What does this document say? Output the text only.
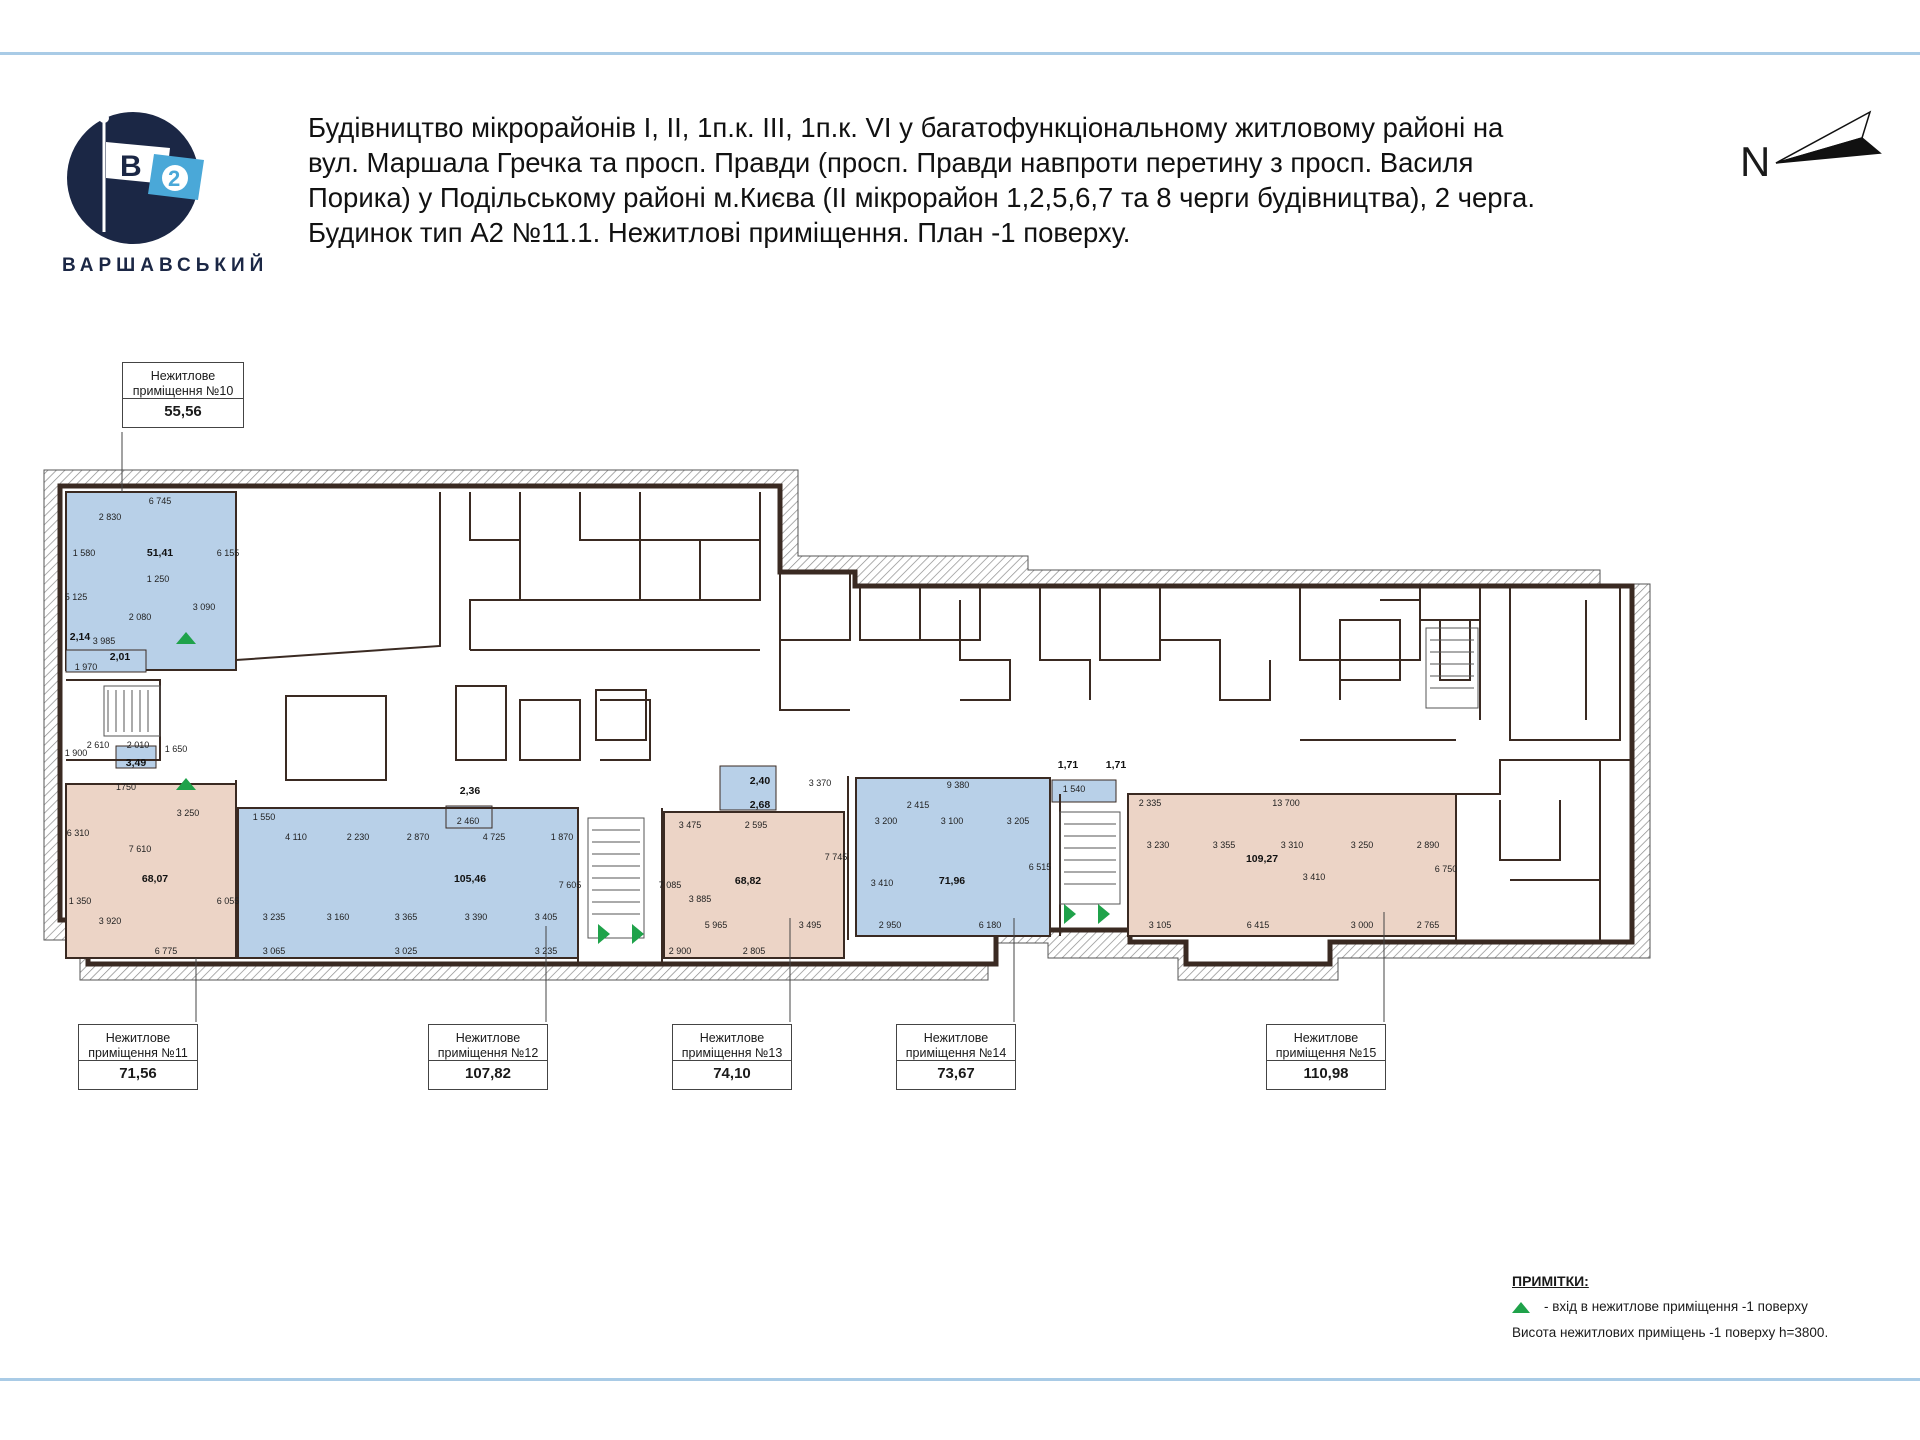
B 2
ВАРШАВСЬКИЙ
Будівництво мікрорайонів І, ІІ, 1п.к. ІІІ, 1п.к. VІ у багатофункціональному житловому районі на
вул. Маршала Гречка та просп. Правди (просп. Правди навпроти перетину з просп. Василя
Порика) у Подільському районі м.Києва (ІІ мікрорайон 1,2,5,6,7 та 8 черги будівництва), 2 черга.
Будинок тип А2 №11.1. Нежитлові приміщення. План -1 поверху.
N
51,41
2,14
2,01
3,49
68,07	105,46
2,36
2,40
2,68
68,82	71,96
1,71	1,71
109,27
6 745
2 830
1 580	6 155
5 125
1 250
3 090
2 080
3 985
1 970
1 900
2 610 2 010 1 650
1750
3 250
6 310
7 610
6 055
1 350
3 920
6 775
1 550
4 110	2 230	2 870	4 725	1 870
2 460
7 605
3 235	3 160	3 365	3 390	3 405
3 065	3 025	3 235
3 475	2 595
7 085
3 885
5 965	3 495
2 900	2 805
7 745
3 370	9 380
3 200	3 100	3 205
2 415
3 410
2 950	6 180
6 515
1 540
2 335	13 700
3 230	3 355	3 310	3 250	2 890
3 410
6 750
3 105	6 415	3 000	2 765
Нежитлове приміщення №10
55,56
Нежитлове приміщення №11
71,56
Нежитлове приміщення №12
107,82
Нежитлове приміщення №13
74,10
Нежитлове приміщення №14
73,67
Нежитлове приміщення №15
110,98
ПРИМІТКИ:
- вхід в нежитлове приміщення -1 поверху
Висота нежитлових приміщень -1 поверху h=3800.
